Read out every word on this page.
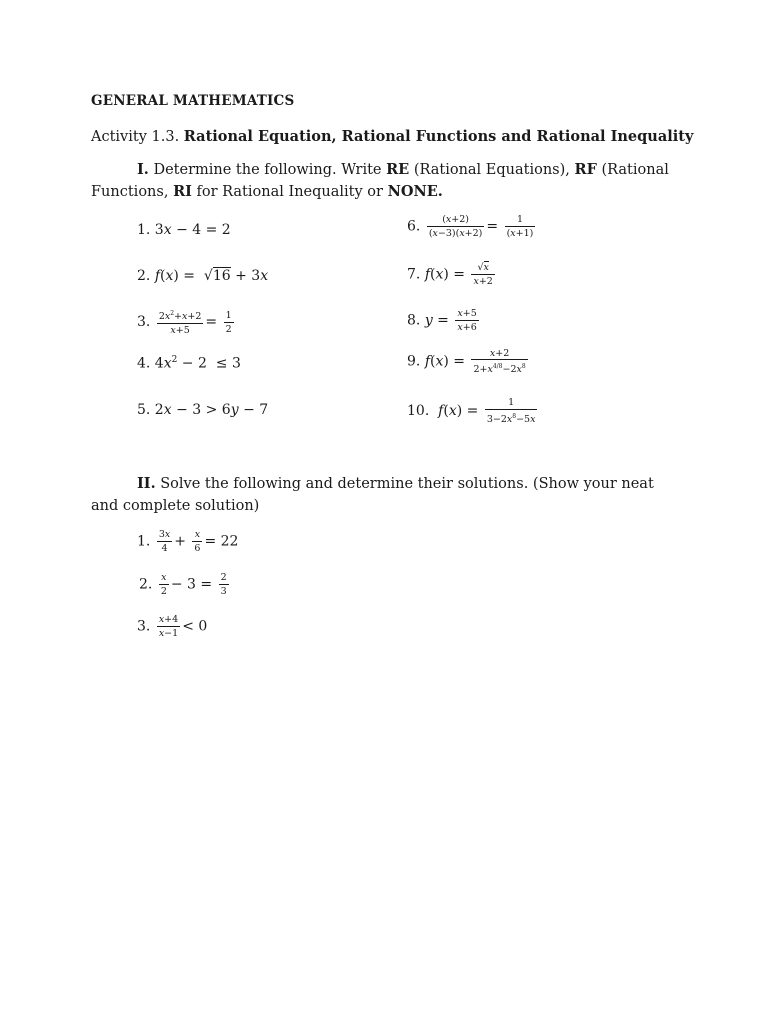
GENERAL MATHEMATICS
Activity 1.3. Rational Equation, Rational Functions and Rational Inequality
I. Determine the following. Write RE (Rational Equations), RF (Rational
Functions, RI for Rational Inequality or NONE.
1. 3x − 4 = 2
2. f(x) =  √16 + 3x
3. $\frac{2x^2+x+2}{x+5} = \frac{1}{2}$
4. $4x^2 - 2 \le 3$
5. 2x − 3 > 6y − 7
6. $\frac{(x+2)}{(x-3)(x+2)} = \frac{1}{(x+1)}$
7. $f(x) = \frac{√x}{x+2}$
8. $y = \frac{x+5}{x+6}$
9. $f(x) = \frac{x+2}{2+x^{4/8}-2x^8}$
10. $f(x) = \frac{1}{3-2x^8-5x}$
II. Solve the following and determine their solutions. (Show your neat
and complete solution)
1. $\frac{3x}{4} + \frac{x}{6} = 22$
2. $\frac{x}{2} - 3 = \frac{2}{3}$
3. $\frac{x+4}{x-1} < 0$
